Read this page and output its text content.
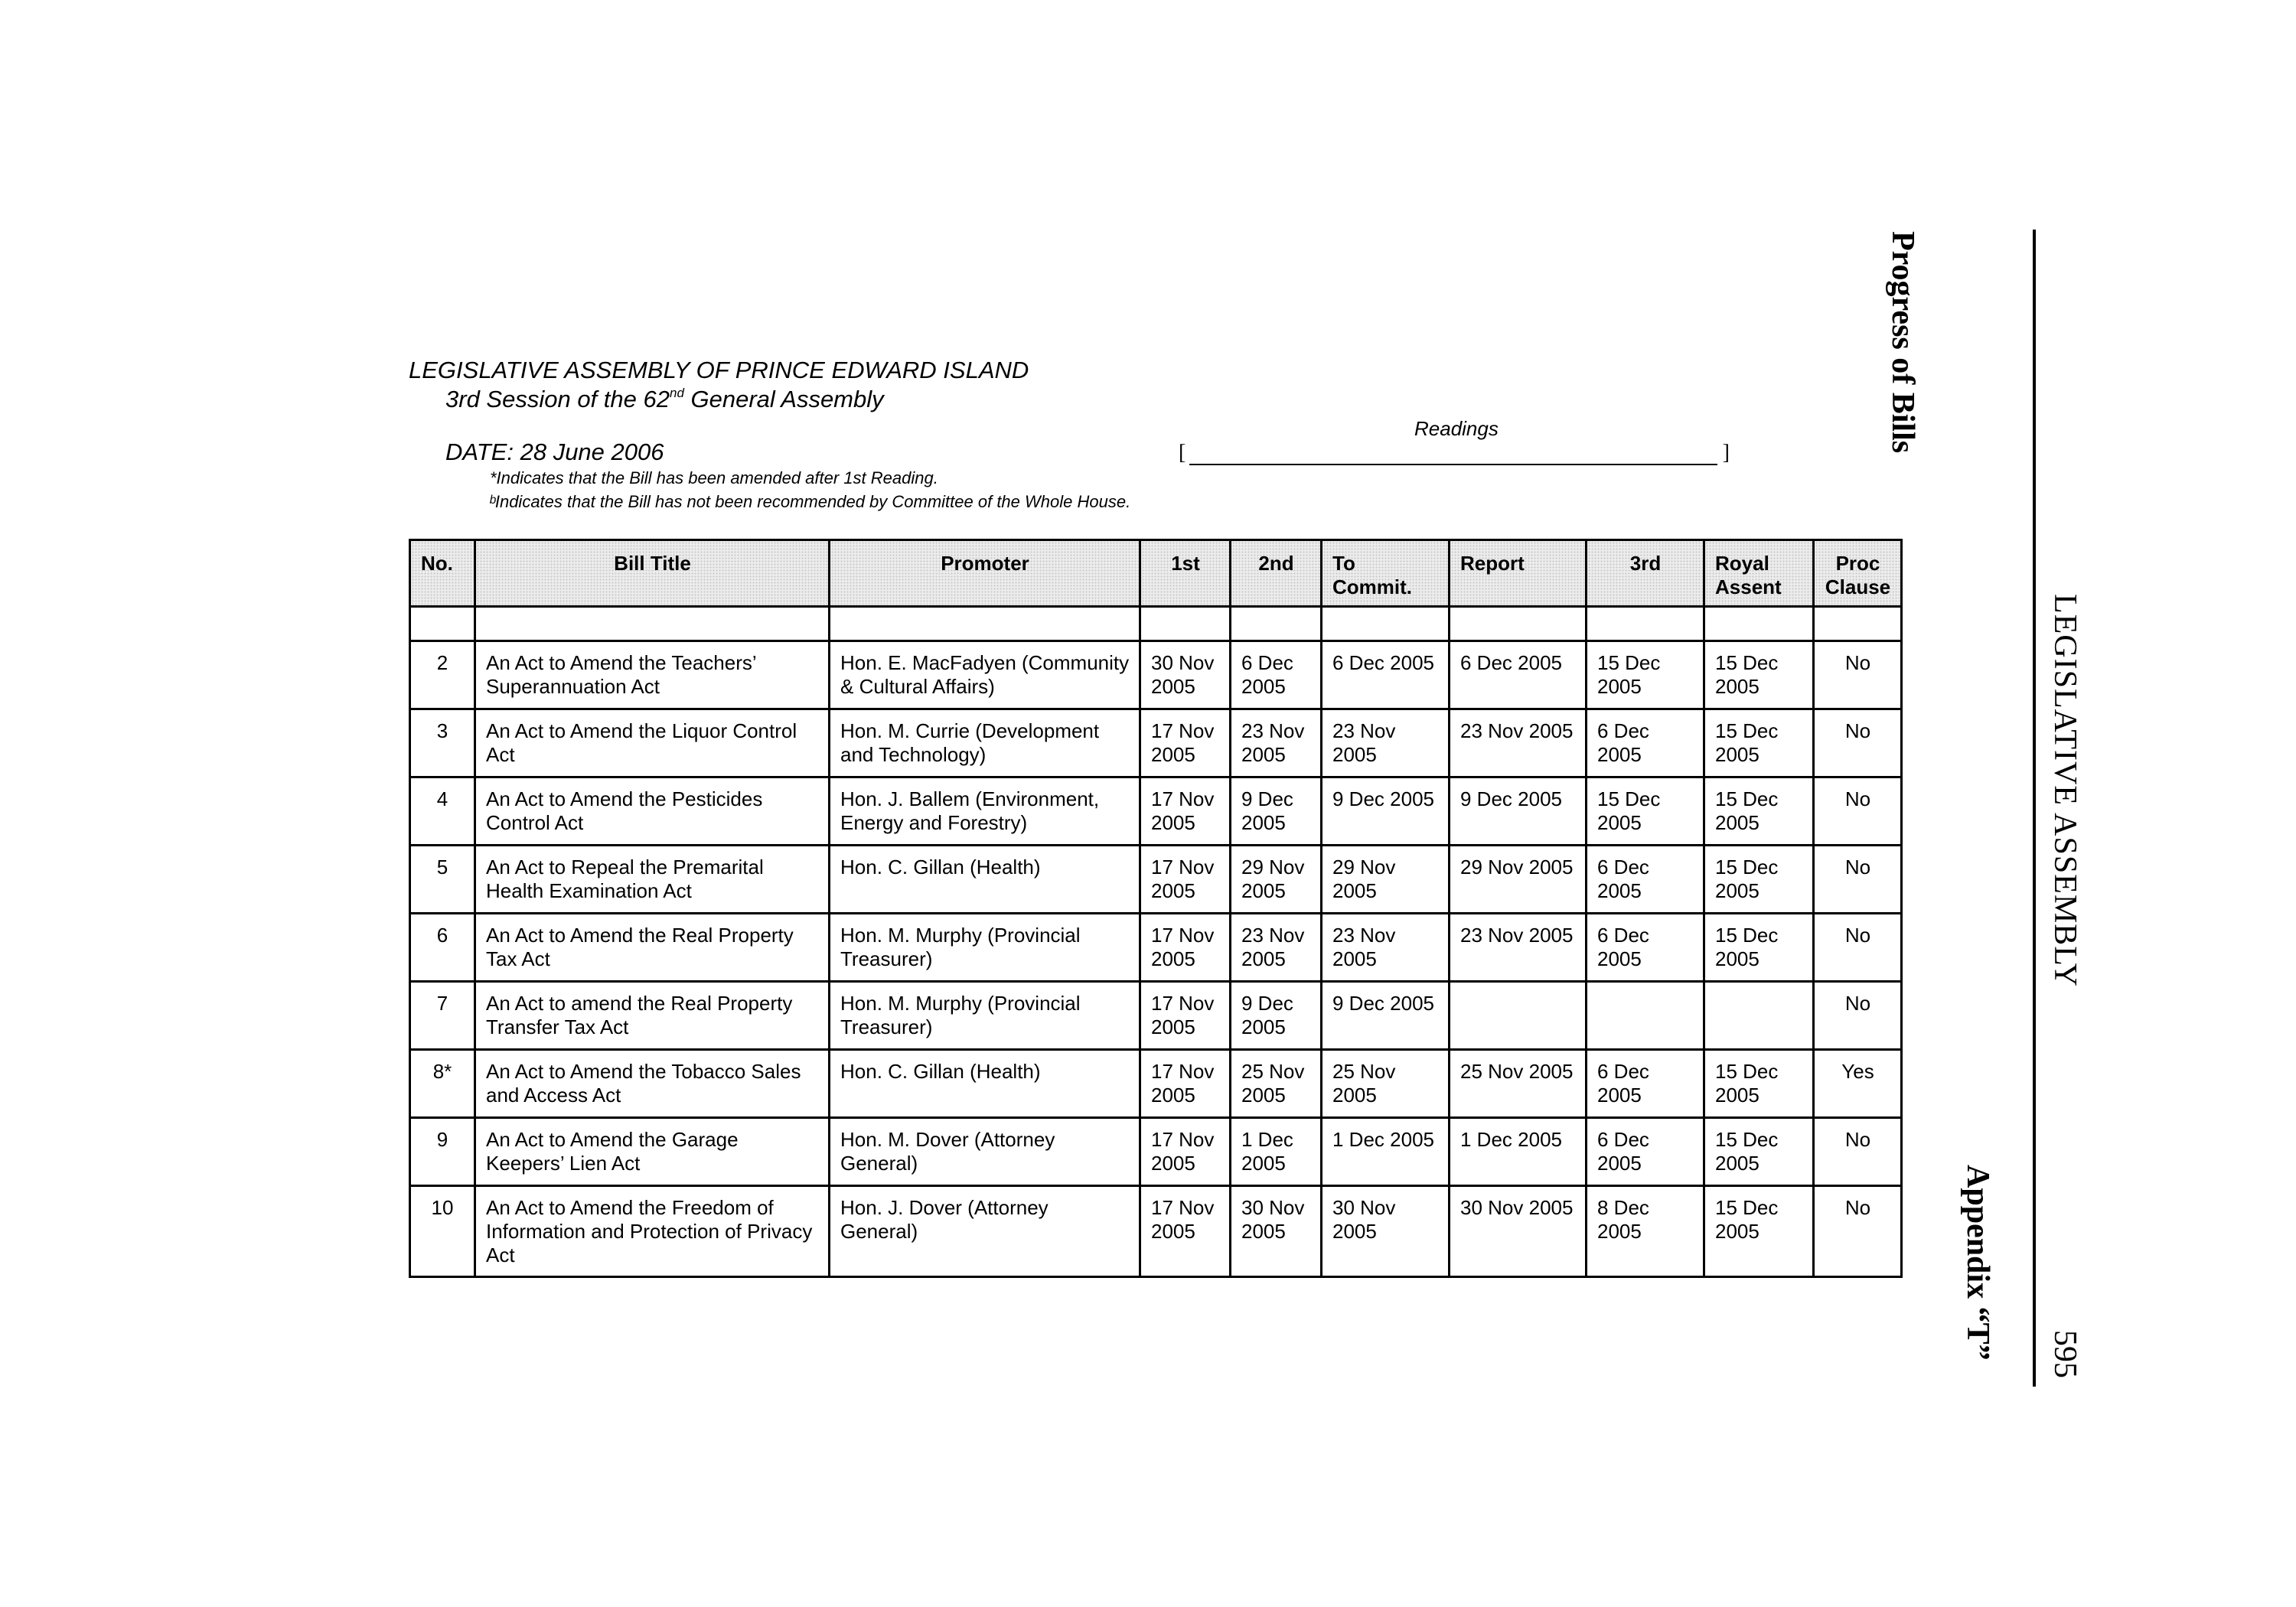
LEGISLATIVE ASSEMBLY OF PRINCE EDWARD ISLAND
3rd Session of the 62nd General Assembly
DATE: 28 June 2006
*Indicates that the Bill has been amended after 1st Reading.
ᵇIndicates that the Bill has not been recommended by Committee of the Whole House.
Readings
[	]
No.	Bill Title	Promoter	1st	2nd	To Commit.	Report	3rd	Royal Assent	Proc Clause

2	An Act to Amend the Teachers’ Superannuation Act	Hon. E. MacFadyen (Community & Cultural Affairs)	30 Nov 2005	6 Dec 2005	6 Dec 2005	6 Dec 2005	15 Dec 2005	15 Dec 2005	No
3	An Act to Amend the Liquor Control Act	Hon. M. Currie (Development and Technology)	17 Nov 2005	23 Nov 2005	23 Nov 2005	23 Nov 2005	6 Dec 2005	15 Dec 2005	No
4	An Act to Amend the Pesticides Control Act	Hon. J. Ballem (Environment, Energy and Forestry)	17 Nov 2005	9 Dec 2005	9 Dec 2005	9 Dec 2005	15 Dec 2005	15 Dec 2005	No
5	An Act to Repeal the Premarital Health Examination Act	Hon. C. Gillan (Health)	17 Nov 2005	29 Nov 2005	29 Nov 2005	29 Nov 2005	6 Dec 2005	15 Dec 2005	No
6	An Act to Amend the Real Property Tax Act	Hon. M. Murphy (Provincial Treasurer)	17 Nov 2005	23 Nov 2005	23 Nov 2005	23 Nov 2005	6 Dec 2005	15 Dec 2005	No
7	An Act to amend the Real Property Transfer Tax Act	Hon. M. Murphy (Provincial Treasurer)	17 Nov 2005	9 Dec 2005	9 Dec 2005				No
8*	An Act to Amend the Tobacco Sales and Access Act	Hon. C. Gillan (Health)	17 Nov 2005	25 Nov 2005	25 Nov 2005	25 Nov 2005	6 Dec 2005	15 Dec 2005	Yes
9	An Act to Amend the Garage Keepers’ Lien Act	Hon. M. Dover (Attorney General)	17 Nov 2005	1 Dec 2005	1 Dec 2005	1 Dec 2005	6 Dec 2005	15 Dec 2005	No
10	An Act to Amend the Freedom of Information and Protection of Privacy Act	Hon. J. Dover (Attorney General)	17 Nov 2005	30 Nov 2005	30 Nov 2005	30 Nov 2005	8 Dec 2005	15 Dec 2005	No
Progress of Bills
LEGISLATIVE ASSEMBLY
Appendix “T” 595
